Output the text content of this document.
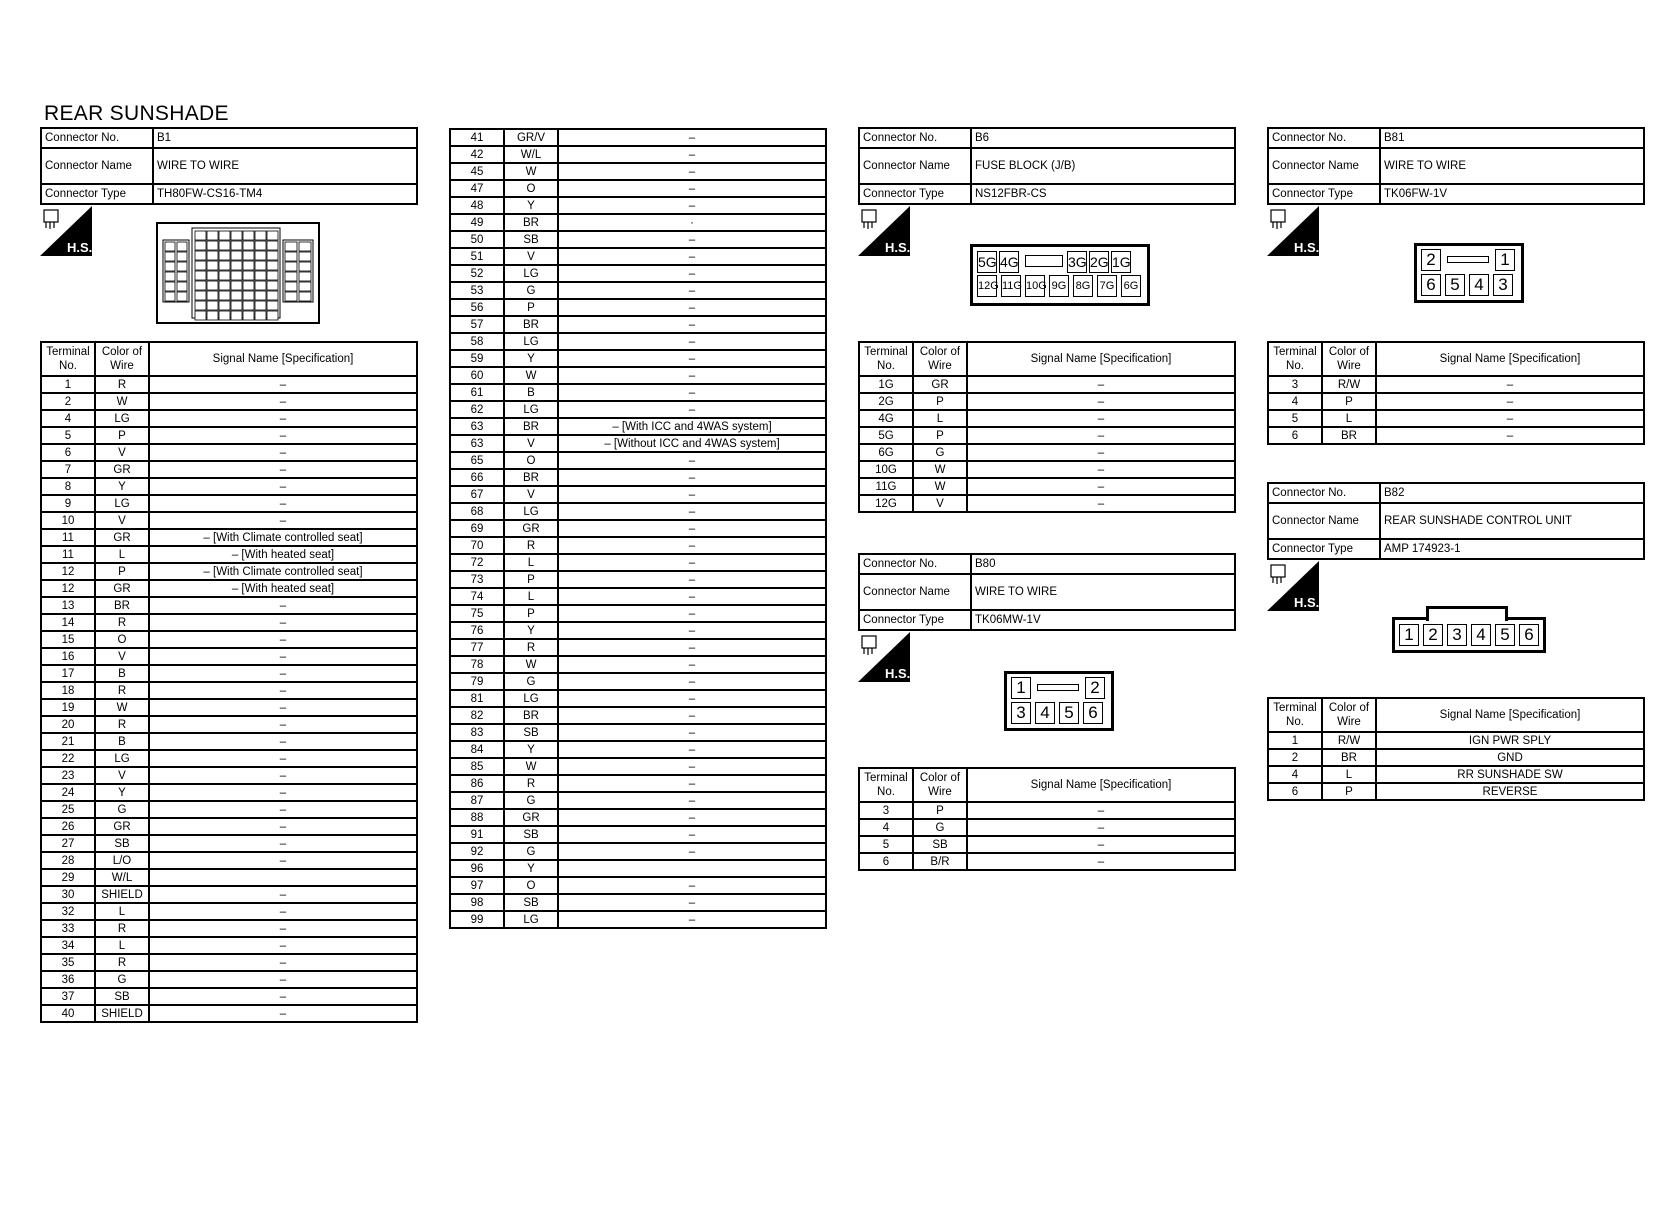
REAR SUNSHADE
Connector No.	B1
Connector Name	WIRE TO WIRE
Connector Type	TH80FW-CS16-TM4
H.S.
Terminal No.	Color of Wire	Signal Name [Specification]
1	R	–
2	W	–
4	LG	–
5	P	–
6	V	–
7	GR	–
8	Y	–
9	LG	–
10	V	–
11	GR	– [With Climate controlled seat]
11	L	– [With heated seat]
12	P	– [With Climate controlled seat]
12	GR	– [With heated seat]
13	BR	–
14	R	–
15	O	–
16	V	–
17	B	–
18	R	–
19	W	–
20	R	–
21	B	–
22	LG	–
23	V	–
24	Y	–
25	G	–
26	GR	–
27	SB	–
28	L/O	–
29	W/L	
30	SHIELD	–
32	L	–
33	R	–
34	L	–
35	R	–
36	G	–
37	SB	–
40	SHIELD	–
41	GR/V	–
42	W/L	–
45	W	–
47	O	–
48	Y	–
49	BR	·
50	SB	–
51	V	–
52	LG	–
53	G	–
56	P	–
57	BR	–
58	LG	–
59	Y	–
60	W	–
61	B	–
62	LG	–
63	BR	– [With ICC and 4WAS system]
63	V	– [Without ICC and 4WAS system]
65	O	–
66	BR	–
67	V	–
68	LG	–
69	GR	–
70	R	–
72	L	–
73	P	–
74	L	–
75	P	–
76	Y	–
77	R	–
78	W	–
79	G	–
81	LG	–
82	BR	–
83	SB	–
84	Y	–
85	W	–
86	R	–
87	G	–
88	GR	–
91	SB	–
92	G	–
96	Y	
97	O	–
98	SB	–
99	LG	–
Connector No.	B6
Connector Name	FUSE BLOCK (J/B)
Connector Type	NS12FBR-CS
H.S.
5G 4G	3G 2G 1G
12G 11G 10G 9G 8G 7G 6G
Terminal No.	Color of Wire	Signal Name [Specification]
1G	GR	–
2G	P	–
4G	L	–
5G	P	–
6G	G	–
10G	W	–
11G	W	–
12G	V	–
Connector No.	B80
Connector Name	WIRE TO WIRE
Connector Type	TK06MW-1V
H.S.
1	2
3 4 5 6
Terminal No.	Color of Wire	Signal Name [Specification]
3	P	–
4	G	–
5	SB	–
6	B/R	–
Connector No.	B81
Connector Name	WIRE TO WIRE
Connector Type	TK06FW-1V
H.S.
2	1
6 5 4 3
Terminal No.	Color of Wire	Signal Name [Specification]
3	R/W	–
4	P	–
5	L	–
6	BR	–
Connector No.	B82
Connector Name	REAR SUNSHADE CONTROL UNIT
Connector Type	AMP 174923-1
H.S.
1 2 3 4 5 6
Terminal No.	Color of Wire	Signal Name [Specification]
1	R/W	IGN PWR SPLY
2	BR	GND
4	L	RR SUNSHADE SW
6	P	REVERSE
